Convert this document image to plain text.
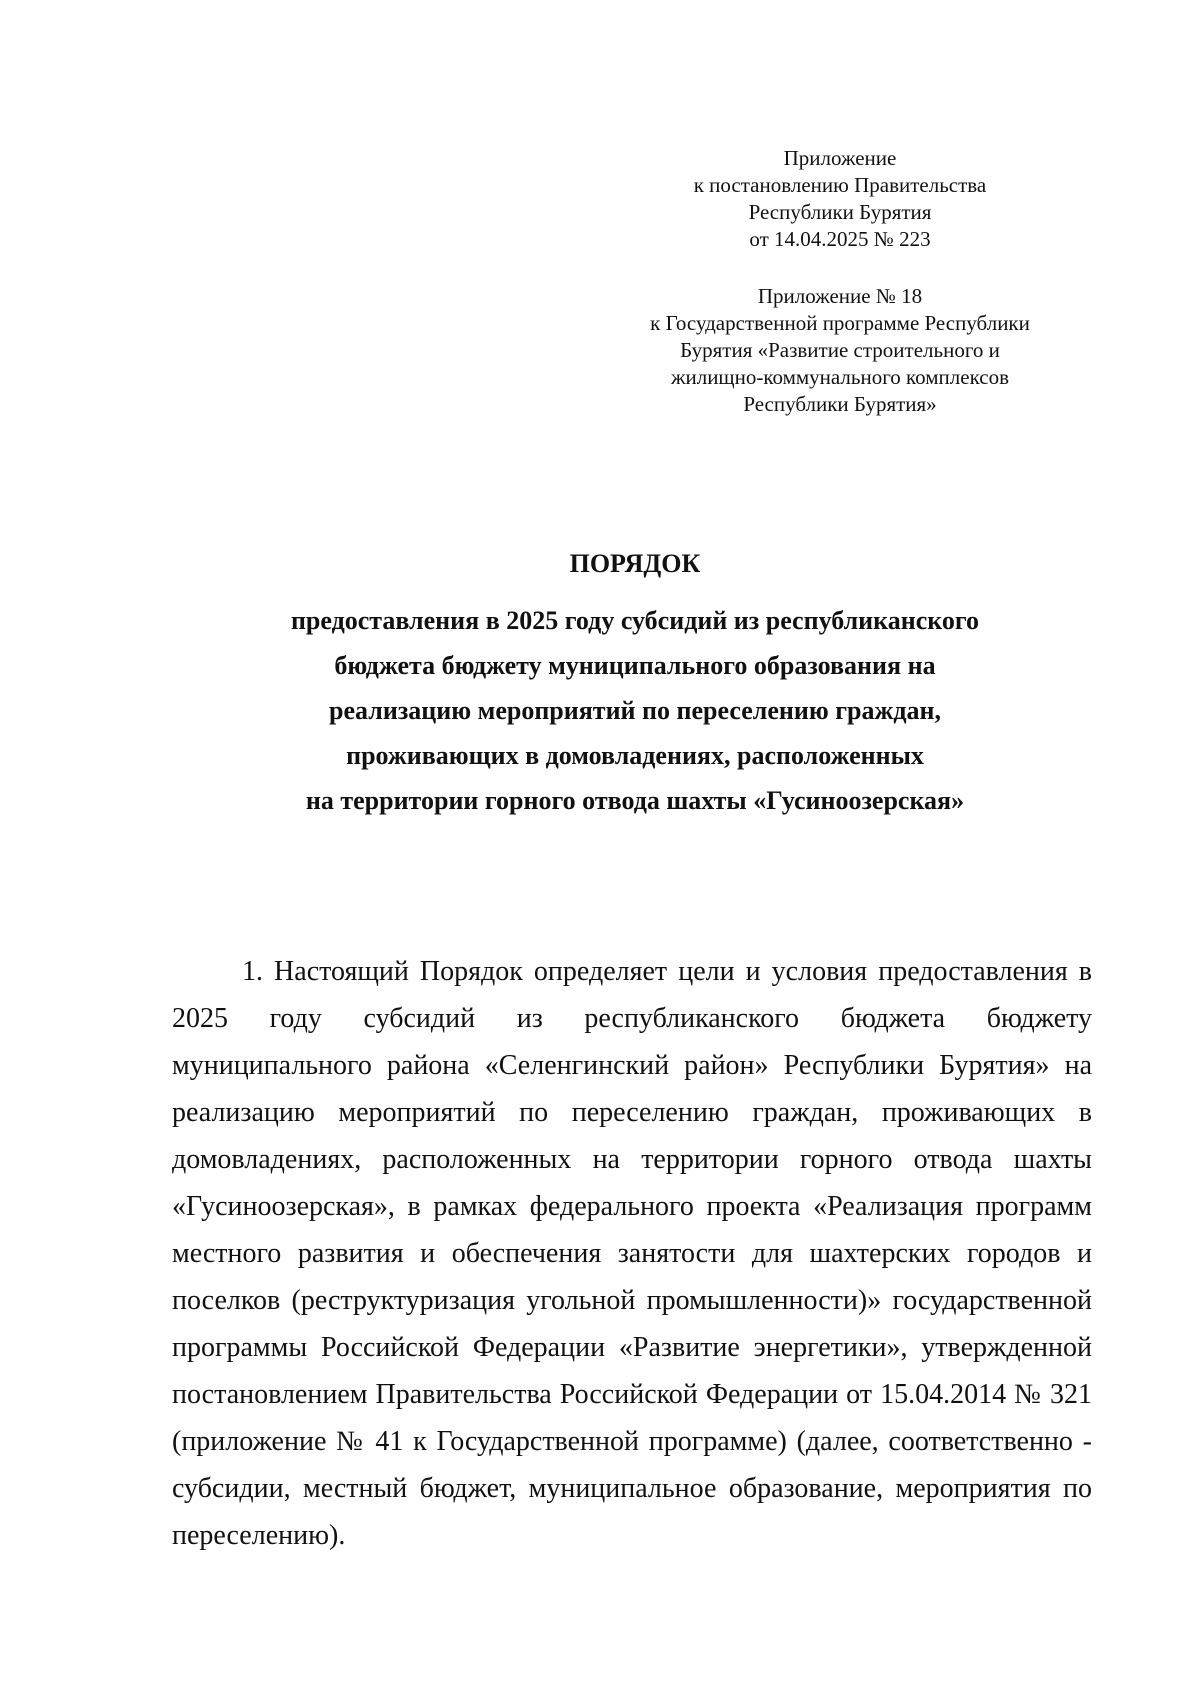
Приложение
к постановлению Правительства
Республики Бурятия
от 14.04.2025 № 223
Приложение № 18
к Государственной программе Республики
Бурятия «Развитие строительного и
жилищно-коммунального комплексов
Республики Бурятия»
ПОРЯДОК
предоставления в 2025 году субсидий из республиканского
бюджета бюджету муниципального образования на
реализацию мероприятий по переселению граждан,
проживающих в домовладениях, расположенных
на территории горного отвода шахты «Гусиноозерская»
1. Настоящий Порядок определяет цели и условия предоставления в
2025 году субсидий из республиканского бюджета бюджету
муниципального района «Селенгинский район» Республики Бурятия» на
реализацию мероприятий по переселению граждан, проживающих в
домовладениях, расположенных на территории горного отвода шахты
«Гусиноозерская», в рамках федерального проекта «Реализация программ
местного развития и обеспечения занятости для шахтерских городов и
поселков (реструктуризация угольной промышленности)» государственной
программы Российской Федерации «Развитие энергетики», утвержденной
постановлением Правительства Российской Федерации от 15.04.2014 № 321
(приложение № 41 к Государственной программе) (далее, соответственно -
субсидии, местный бюджет, муниципальное образование, мероприятия по
переселению).
